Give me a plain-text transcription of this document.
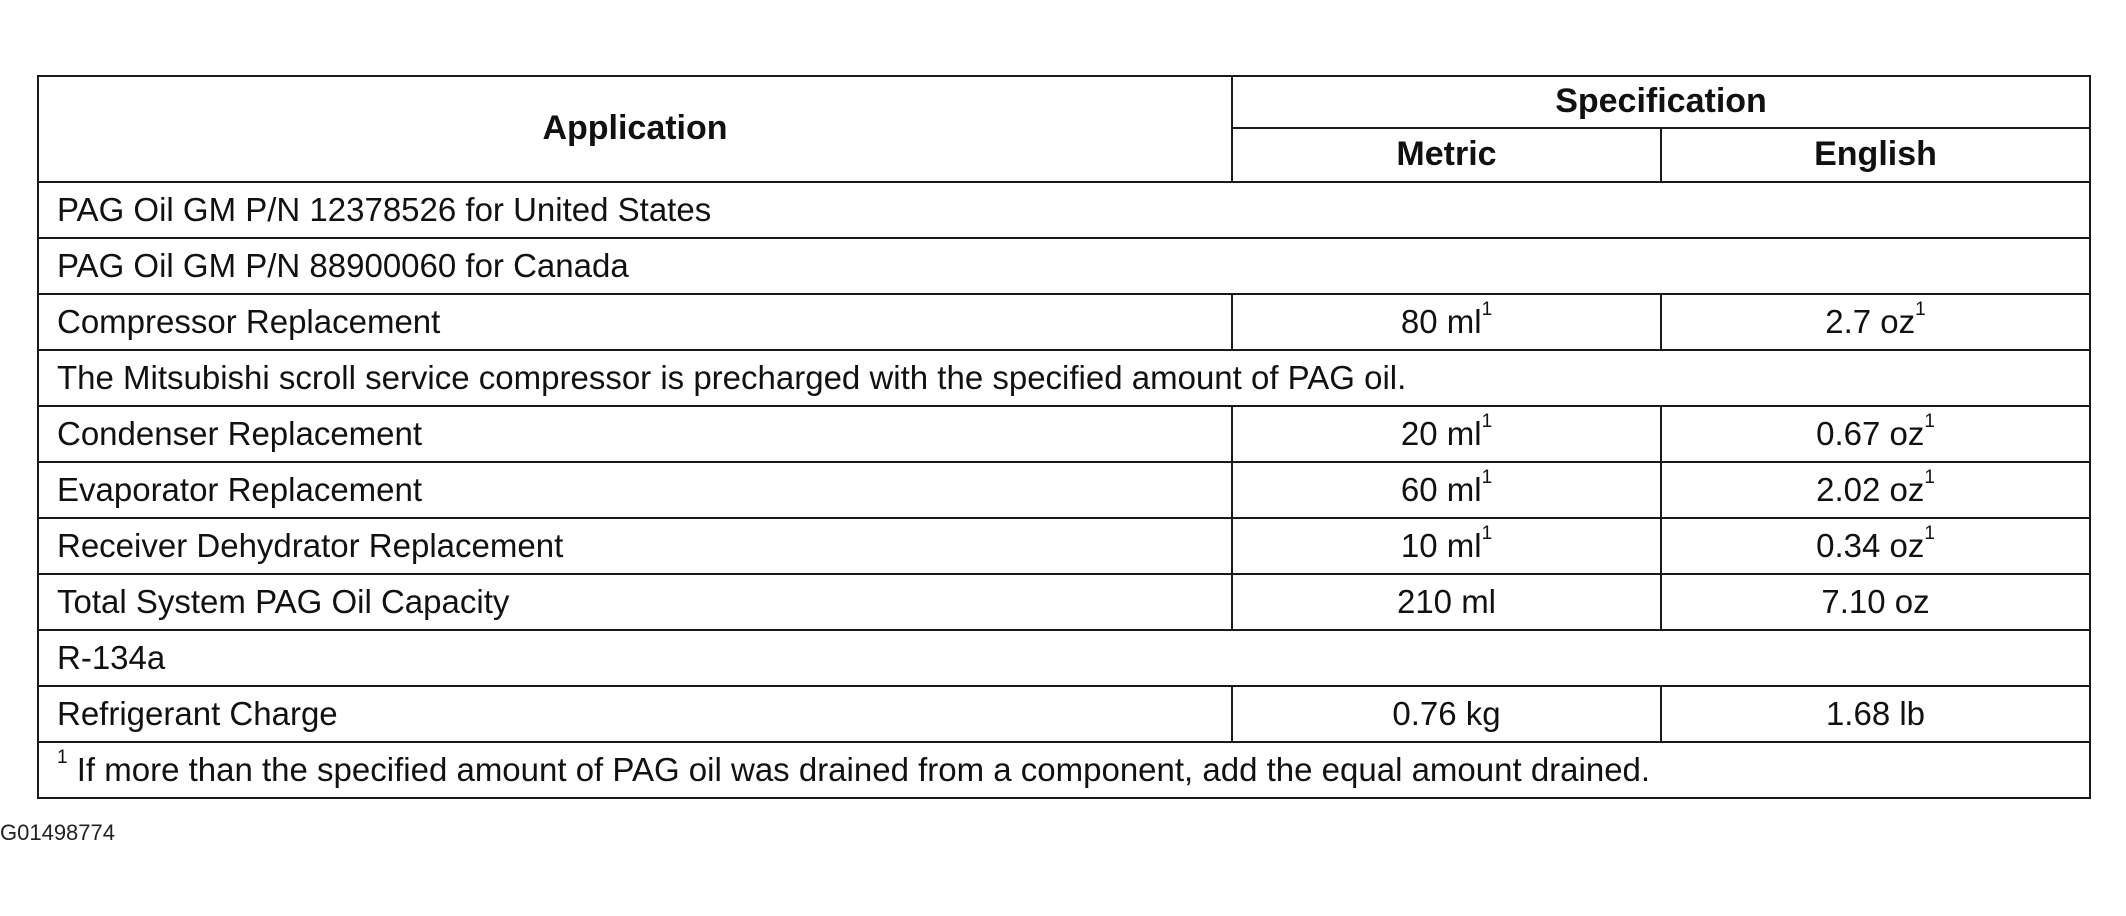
Application	Specification	
	Metric	English
PAG Oil GM P/N 12378526 for United States		
PAG Oil GM P/N 88900060 for Canada		
Compressor Replacement	80 $ml^1$	2.7 $oz^1$
The Mitsubishi scroll service compressor is precharged with the specified amount of PAG oil.		
Condenser Replacement	20 $ml^1$	0.67 $oz^1$
Evaporator Replacement	60 $ml^1$	2.02 $oz^1$
Receiver Dehydrator Replacement	10 $ml^1$	0.34 $oz^1$
Total System PAG Oil Capacity	210 ml	7.10 oz
R-134a		
Refrigerant Charge	0.76 kg	1.68 lb
$^1$ If more than the specified amount of PAG oil was drained from a component, add the equal amount drained.		
G01498774
